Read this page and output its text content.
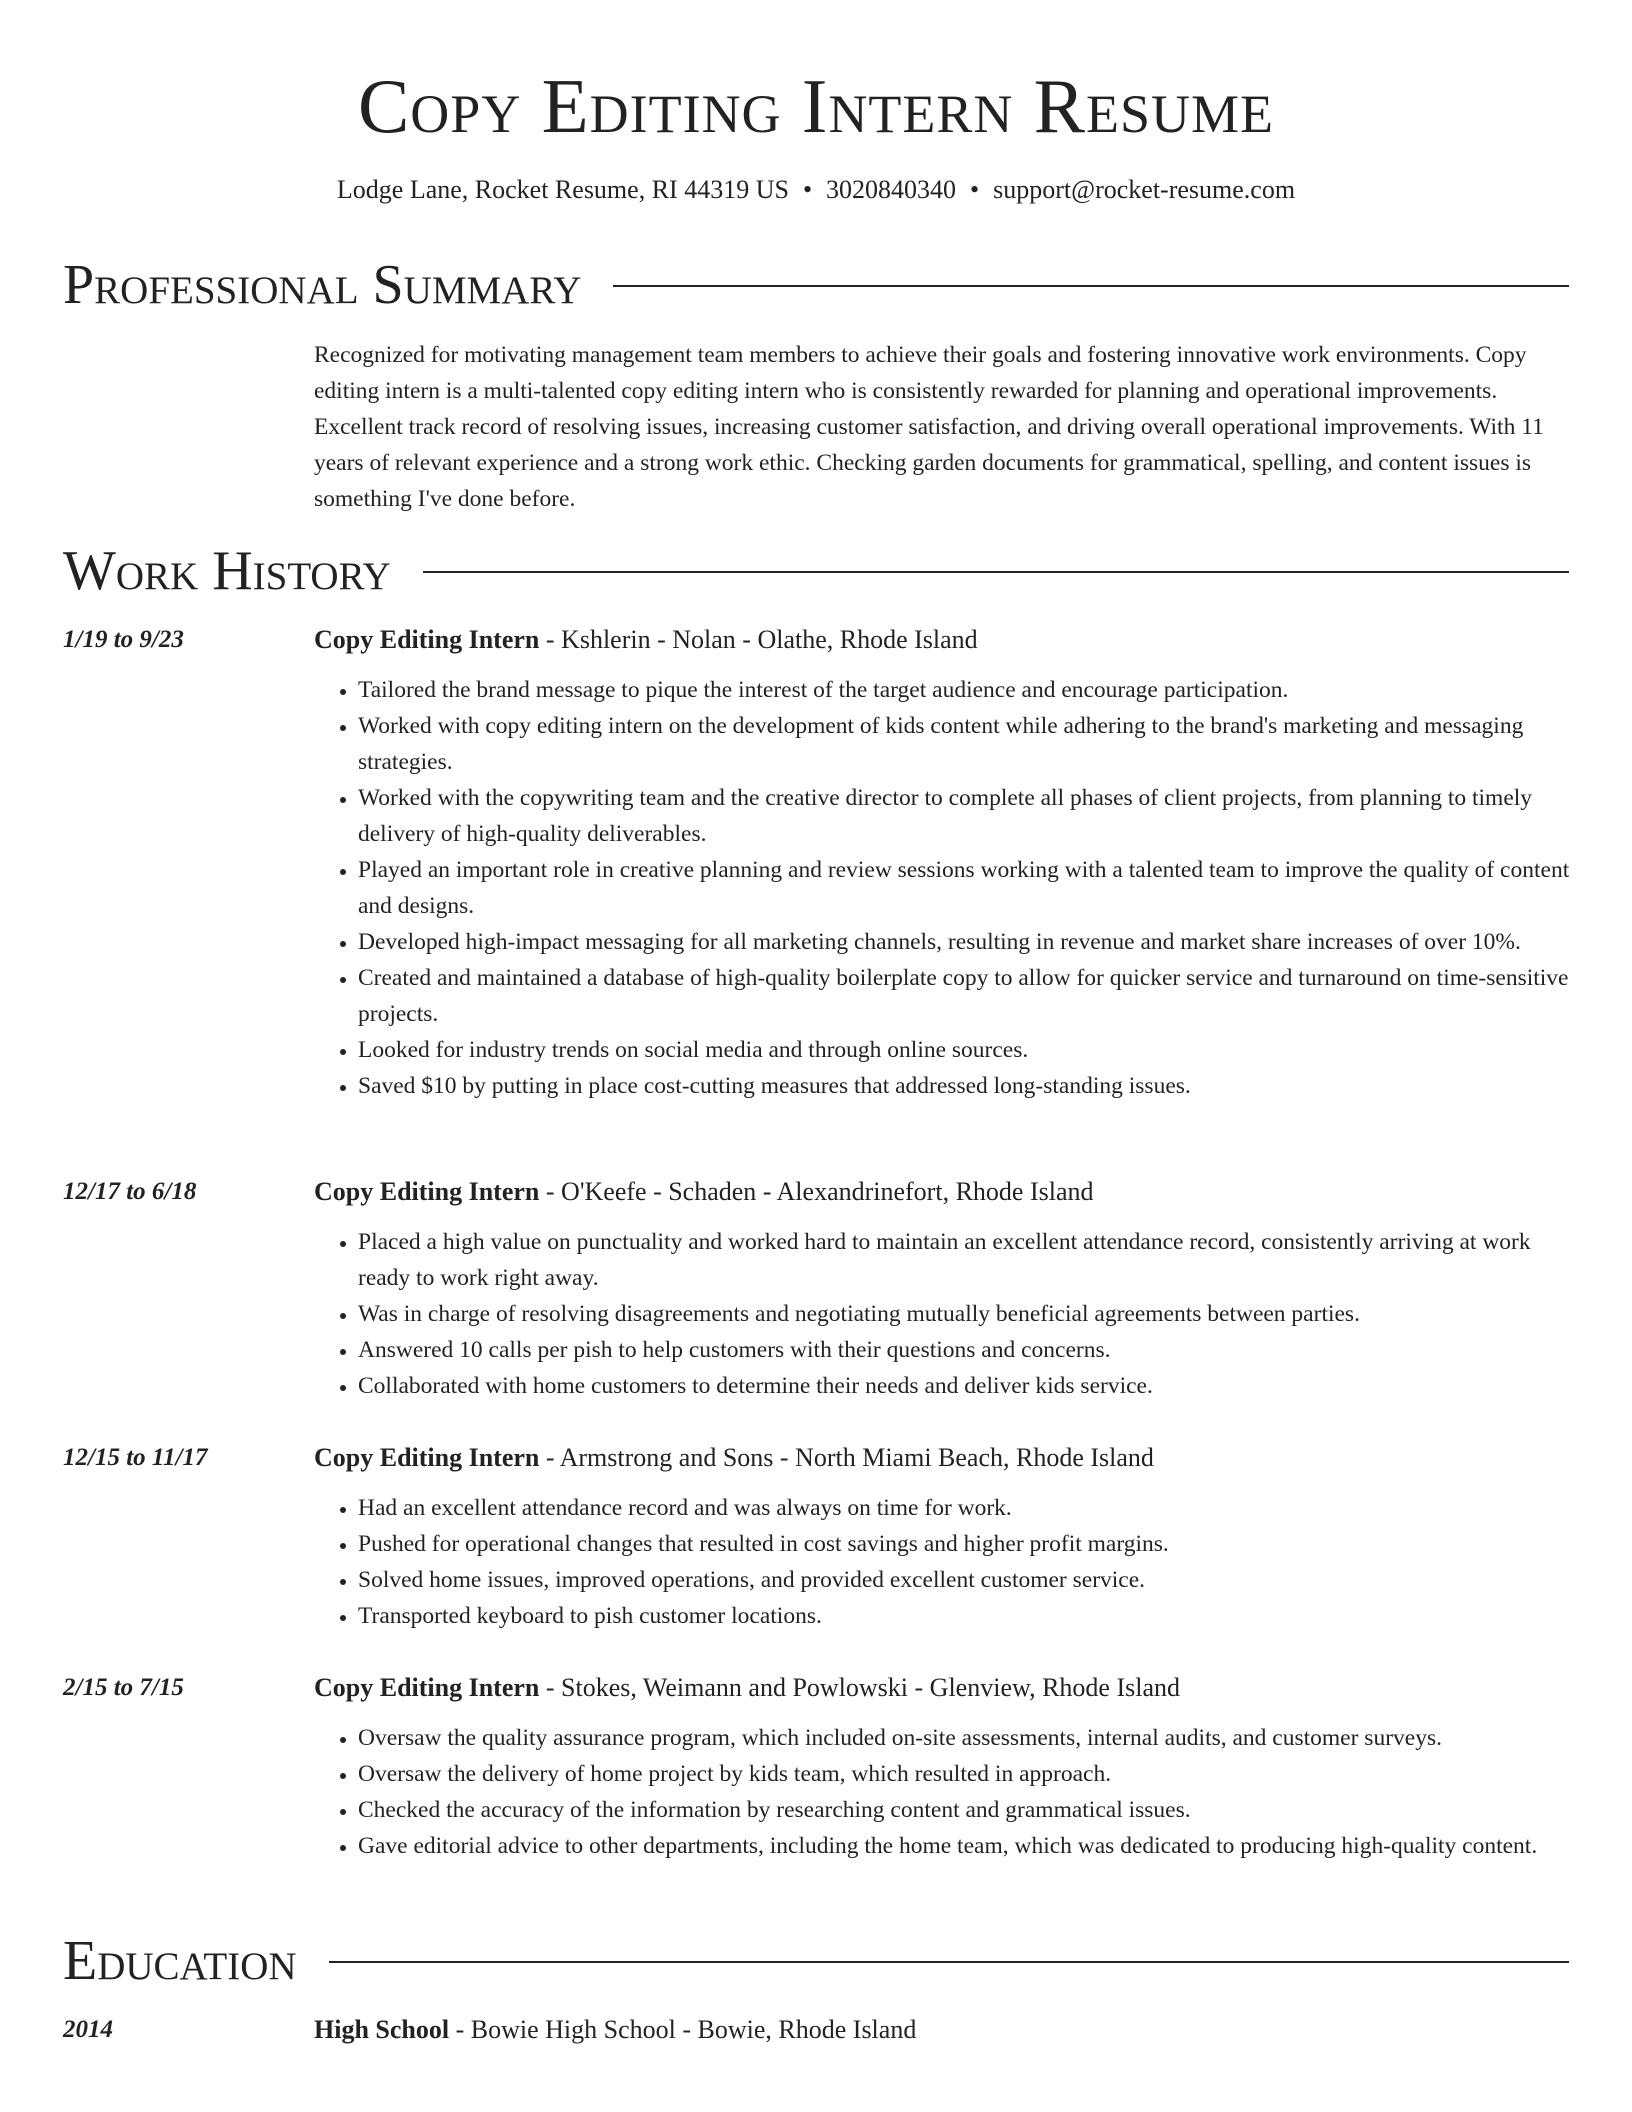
Copy Editing Intern Resume
Lodge Lane, Rocket Resume, RI 44319 US • 3020840340 • support@rocket-resume.com
Professional Summary
Recognized for motivating management team members to achieve their goals and fostering innovative work environments. Copy editing intern is a multi-talented copy editing intern who is consistently rewarded for planning and operational improvements. Excellent track record of resolving issues, increasing customer satisfaction, and driving overall operational improvements. With 11 years of relevant experience and a strong work ethic. Checking garden documents for grammatical, spelling, and content issues is something I've done before.
Work History
1/19 to 9/23	Copy Editing Intern - Kshlerin - Nolan - Olathe, Rhode Island
• Tailored the brand message to pique the interest of the target audience and encourage participation.
• Worked with copy editing intern on the development of kids content while adhering to the brand's marketing and messaging strategies.
• Worked with the copywriting team and the creative director to complete all phases of client projects, from planning to timely delivery of high-quality deliverables.
• Played an important role in creative planning and review sessions working with a talented team to improve the quality of content and designs.
• Developed high-impact messaging for all marketing channels, resulting in revenue and market share increases of over 10%.
• Created and maintained a database of high-quality boilerplate copy to allow for quicker service and turnaround on time-sensitive projects.
• Looked for industry trends on social media and through online sources.
• Saved $10 by putting in place cost-cutting measures that addressed long-standing issues.
12/17 to 6/18	Copy Editing Intern - O'Keefe - Schaden - Alexandrinefort, Rhode Island
• Placed a high value on punctuality and worked hard to maintain an excellent attendance record, consistently arriving at work ready to work right away.
• Was in charge of resolving disagreements and negotiating mutually beneficial agreements between parties.
• Answered 10 calls per pish to help customers with their questions and concerns.
• Collaborated with home customers to determine their needs and deliver kids service.
12/15 to 11/17	Copy Editing Intern - Armstrong and Sons - North Miami Beach, Rhode Island
• Had an excellent attendance record and was always on time for work.
• Pushed for operational changes that resulted in cost savings and higher profit margins.
• Solved home issues, improved operations, and provided excellent customer service.
• Transported keyboard to pish customer locations.
2/15 to 7/15	Copy Editing Intern - Stokes, Weimann and Powlowski - Glenview, Rhode Island
• Oversaw the quality assurance program, which included on-site assessments, internal audits, and customer surveys.
• Oversaw the delivery of home project by kids team, which resulted in approach.
• Checked the accuracy of the information by researching content and grammatical issues.
• Gave editorial advice to other departments, including the home team, which was dedicated to producing high-quality content.
Education
2014	High School - Bowie High School - Bowie, Rhode Island
